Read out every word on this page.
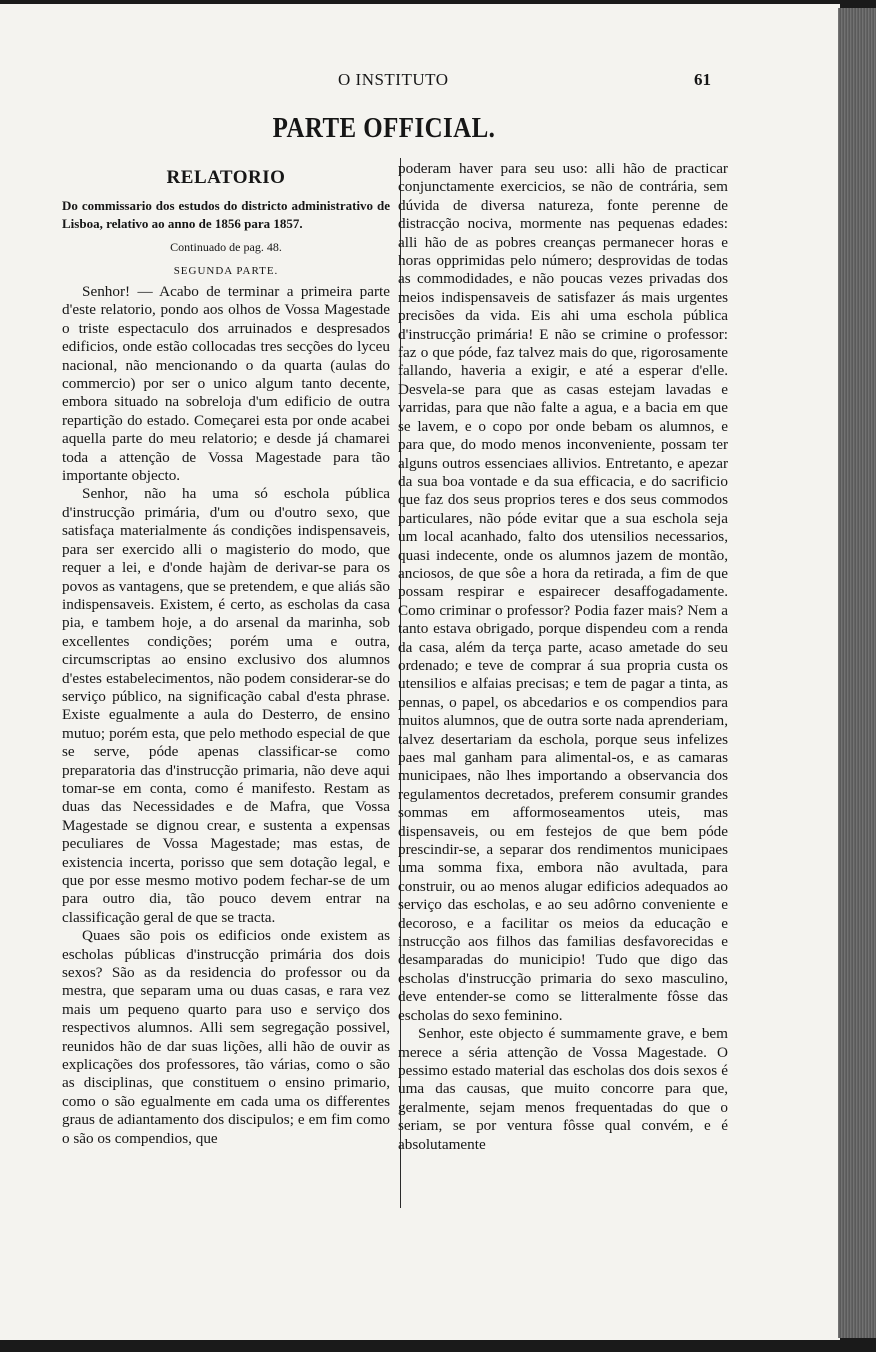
O INSTITUTO	61
PARTE OFFICIAL.
RELATORIO
Do commissario dos estudos do districto administrativo de Lisboa, relativo ao anno de 1856 para 1857.
Continuado de pag. 48.
SEGUNDA PARTE.

Senhor! — Acabo de terminar a primeira parte d'este relatorio, pondo aos olhos de Vossa Magestade o triste espectaculo dos arruinados e despresados edificios, onde estão collocadas tres secções do lyceu nacional, não mencionando o da quarta (aulas do commercio) por ser o unico algum tanto decente, embora situado na sobreloja d'um edificio de outra repartição do estado. Começarei esta por onde acabei aquella parte do meu relatorio; e desde já chamarei toda a attenção de Vossa Magestade para tão importante objecto.

Senhor, não ha uma só eschola pública d'instrucção primária, d'um ou d'outro sexo, que satisfaça materialmente ás condições indispensaveis, para ser exercido alli o magisterio do modo, que requer a lei, e d'onde hajàm de derivar-se para os povos as vantagens, que se pretendem, e que aliás são indispensaveis. Existem, é certo, as escholas da casa pia, e tambem hoje, a do arsenal da marinha, sob excellentes condições; porém uma e outra, circumscriptas ao ensino exclusivo dos alumnos d'estes estabelecimentos, não podem considerar-se do serviço público, na significação cabal d'esta phrase. Existe egualmente a aula do Desterro, de ensino mutuo; porém esta, que pelo methodo especial de que se serve, póde apenas classificar-se como preparatoria das d'instrucção primaria, não deve aqui tomar-se em conta, como é manifesto. Restam as duas das Necessidades e de Mafra, que Vossa Magestade se dignou crear, e sustenta a expensas peculiares de Vossa Magestade; mas estas, de existencia incerta, porisso que sem dotação legal, e que por esse mesmo motivo podem fechar-se de um para outro dia, tão pouco devem entrar na classificação geral de que se tracta.

Quaes são pois os edificios onde existem as escholas públicas d'instrucção primária dos dois sexos? São as da residencia do professor ou da mestra, que separam uma ou duas casas, e rara vez mais um pequeno quarto para uso e serviço dos respectivos alumnos. Alli sem segregação possivel, reunidos hão de dar suas lições, alli hão de ouvir as explicações dos professores, tão várias, como o são as disciplinas, que constituem o ensino primario, como o são egualmente em cada uma os differentes graus de adiantamento dos discipulos; e em fim como o são os compendios, que

poderam haver para seu uso: alli hão de practicar conjunctamente exercicios, se não de contrária, sem dúvida de diversa natureza, fonte perenne de distracção nociva, mormente nas pequenas edades: alli hão de as pobres creanças permanecer horas e horas opprimidas pelo número; desprovidas de todas as commodidades, e não poucas vezes privadas dos meios indispensaveis de satisfazer ás mais urgentes precisões da vida. Eis ahi uma eschola pública d'instrucção primária! E não se crimine o professor: faz o que póde, faz talvez mais do que, rigorosamente fallando, haveria a exigir, e até a esperar d'elle. Desvela-se para que as casas estejam lavadas e varridas, para que não falte a agua, e a bacia em que se lavem, e o copo por onde bebam os alumnos, e para que, do modo menos inconveniente, possam ter alguns outros essenciaes allivios. Entretanto, e apezar da sua boa vontade e da sua efficacia, e do sacrificio que faz dos seus proprios teres e dos seus commodos particulares, não póde evitar que a sua eschola seja um local acanhado, falto dos utensilios necessarios, quasi indecente, onde os alumnos jazem de montão, anciosos, de que sôe a hora da retirada, a fim de que possam respirar e espairecer desaffogadamente. Como criminar o professor? Podia fazer mais? Nem a tanto estava obrigado, porque dispendeu com a renda da casa, além da terça parte, acaso ametade do seu ordenado; e teve de comprar á sua propria custa os utensilios e alfaias precisas; e tem de pagar a tinta, as pennas, o papel, os abcedarios e os compendios para muitos alumnos, que de outra sorte nada aprenderiam, talvez desertariam da eschola, porque seus infelizes paes mal ganham para alimental-os, e as camaras municipaes, não lhes importando a observancia dos regulamentos decretados, preferem consumir grandes sommas em afformoseamentos uteis, mas dispensaveis, ou em festejos de que bem póde prescindir-se, a separar dos rendimentos municipaes uma somma fixa, embora não avultada, para construir, ou ao menos alugar edificios adequados ao serviço das escholas, e ao seu adôrno conveniente e decoroso, e a facilitar os meios da educação e instrucção aos filhos das familias desfavorecidas e desamparadas do municipio! Tudo que digo das escholas d'instrucção primaria do sexo masculino, deve entender-se como se litteralmente fôsse das escholas do sexo feminino.

Senhor, este objecto é summamente grave, e bem merece a séria attenção de Vossa Magestade. O pessimo estado material das escholas dos dois sexos é uma das causas, que muito concorre para que, geralmente, sejam menos frequentadas do que o seriam, se por ventura fôsse qual convém, e é absolutamente
